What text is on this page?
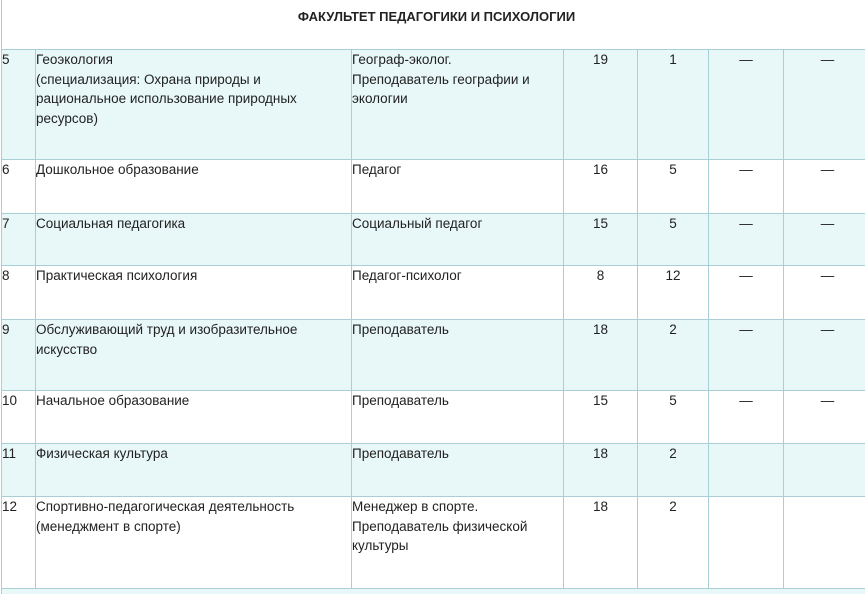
ФАКУЛЬТЕТ ПЕДАГОГИКИ И ПСИХОЛОГИИ						
5	Геоэкология
(специализация: Охрана природы и
рациональное использование природных
ресурсов)	Географ-эколог.
Преподаватель географии и
экологии	19	1	—	—
6	Дошкольное образование	Педагог	16	5	—	—
7	Социальная педагогика	Социальный педагог	15	5	—	—
8	Практическая психология	Педагог-психолог	8	12	—	—
9	Обслуживающий труд и изобразительное
искусство	Преподаватель	18	2	—	—
10	Начальное образование	Преподаватель	15	5	—	—
11	Физическая культура	Преподаватель	18	2		
12	Спортивно-педагогическая деятельность
(менеджмент в спорте)	Менеджер в спорте.
Преподаватель физической
культуры	18	2		
